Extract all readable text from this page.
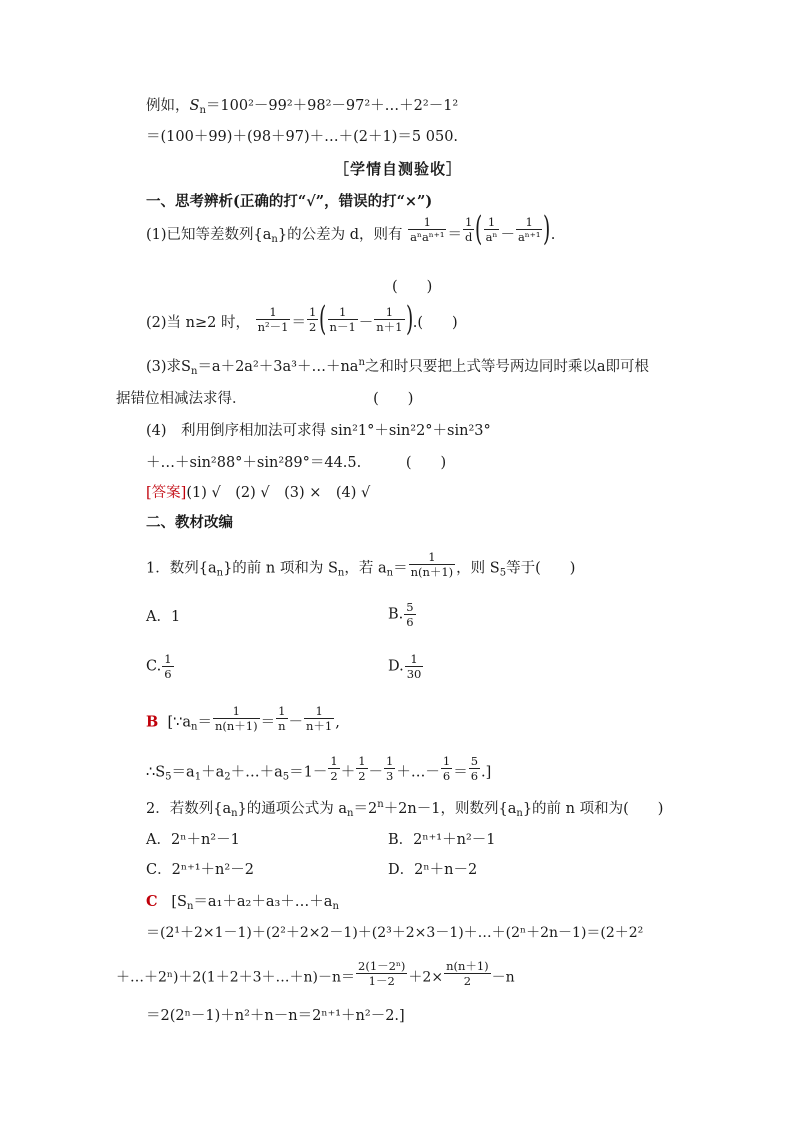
例如，$S_n=100^2-99^2+98^2-97^2+\dots+2^2-1^2$
＝(100＋99)＋(98＋97)＋…＋(2＋1)＝5 050.
［学情自测验收］
一、思考辨析(正确的打“√”，错误的打“×”)
(1)已知等差数列$\{a_n\}$的公差为 d，则有 $\frac{1}{\text{aⁿaⁿ⁺¹}} = \frac{1}{d}$ ( $\frac{1}{\text{aⁿ}} - \frac{1}{\text{aⁿ⁺¹}}$ ).
(　　)
(2)当 n≥2 时， $\frac{1}{\text{n²－1}} = \frac{1}{2}$ ( $\frac{1}{n-1} - \frac{1}{n+1}$ ).(　　)
(3)求$S_n=a+2a^2+3a^3+\dots+na^n$之和时只要把上式等号两边同时乘以a即可根
据错位相减法求得．	(　　)
(4)　利用倒序相加法可求得 sin²1°＋sin²2°＋sin²3°
＋…＋sin²88°＋sin²89°＝44.5.	(　　)
[答案](1) √　(2) √　(3) ×　(4) √
二、教材改编
1．数列$\{a_n\}$的前 n 项和为 $S_n$，若 $a_n= \frac{1}{n(n+1)}$ ，则 $S_5$等于(　　)
A．1	B. $\frac{5}{6}$
C. $\frac{1}{6}$	D. $\frac{1}{30}$
B [$\because a_n= \frac{1}{n(n+1)} = \frac{1}{n} - \frac{1}{n+1}$ ,
$\therefore S_5=a_1+a_2+\dots+a_5=1- \frac{1}{2} + \frac{1}{2} - \frac{1}{3}$ ＋…－ $\frac{1}{6} = \frac{5}{6}$ .]
2．若数列$\{a_n\}$的通项公式为 $a_n=2^n+2n-1$，则数列$\{a_n\}$的前 n 项和为(　　)
A．2ⁿ＋n²－1	B．2ⁿ⁺¹＋n²－1
C．2ⁿ⁺¹＋n²－2	D．2ⁿ＋n－2
C [$S_n=a_1+a_2+a_3+\dots+a_n$
＝(2¹＋2×1－1)＋(2²＋2×2－1)＋(2³＋2×3－1)＋…＋(2ⁿ＋2n－1)＝(2＋2²
＋…＋2ⁿ)＋2(1＋2＋3＋…＋n)－n＝ $\frac{\text{2(1－2ⁿ)}}{1-2} +2\times \frac{n(n+1)}{2} -n$
＝2(2ⁿ－1)＋n²＋n－n＝2ⁿ⁺¹＋n²－2.]
